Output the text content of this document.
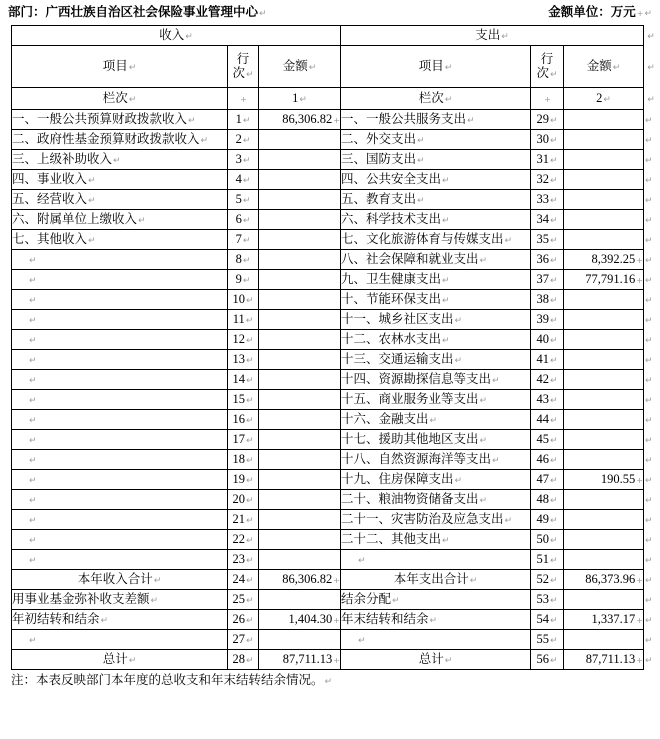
部门：广西壮族自治区社会保险事业管理中心↵	金额单位：万元+↵
收入↵			支出↵			↵
项目↵	行
次↵	金额↵	项目↵	行
次↵	金额↵	↵
栏次↵	+	1↵	栏次↵	+	2↵	↵
一、一般公共预算财政拨款收入↵	1↵	86,306.82+	一、一般公共服务支出↵	29↵		↵
二、政府性基金预算财政拨款收入↵	2↵		二、外交支出↵	30↵		↵
三、上级补助收入↵	3↵		三、国防支出↵	31↵		↵
四、事业收入↵	4↵		四、公共安全支出↵	32↵		↵
五、经营收入↵	5↵		五、教育支出↵	33↵		↵
六、附属单位上缴收入↵	6↵		六、科学技术支出↵	34↵		↵
七、其他收入↵	7↵		七、文化旅游体育与传媒支出↵	35↵		↵
↵	8↵		八、社会保障和就业支出↵	36↵	8,392.25+	↵
↵	9↵		九、卫生健康支出↵	37↵	77,791.16+	↵
↵	10↵		十、节能环保支出↵	38↵		↵
↵	11↵		十一、城乡社区支出↵	39↵		↵
↵	12↵		十二、农林水支出↵	40↵		↵
↵	13↵		十三、交通运输支出↵	41↵		↵
↵	14↵		十四、资源勘探信息等支出↵	42↵		↵
↵	15↵		十五、商业服务业等支出↵	43↵		↵
↵	16↵		十六、金融支出↵	44↵		↵
↵	17↵		十七、援助其他地区支出↵	45↵		↵
↵	18↵		十八、自然资源海洋等支出↵	46↵		↵
↵	19↵		十九、住房保障支出↵	47↵	190.55+	↵
↵	20↵		二十、粮油物资储备支出↵	48↵		↵
↵	21↵		二十一、灾害防治及应急支出↵	49↵		↵
↵	22↵		二十二、其他支出↵	50↵		↵
↵	23↵		↵	51↵		↵
本年收入合计↵	24↵	86,306.82+	本年支出合计↵	52↵	86,373.96+	↵
用事业基金弥补收支差额↵	25↵		结余分配↵	53↵		↵
年初结转和结余↵	26↵	1,404.30+	年末结转和结余↵	54↵	1,337.17+	↵
↵	27↵		↵	55↵		↵
总计↵	28↵	87,711.13+	总计↵	56↵	87,711.13+	↵
注：本表反映部门本年度的总收支和年末结转结余情况。↵
